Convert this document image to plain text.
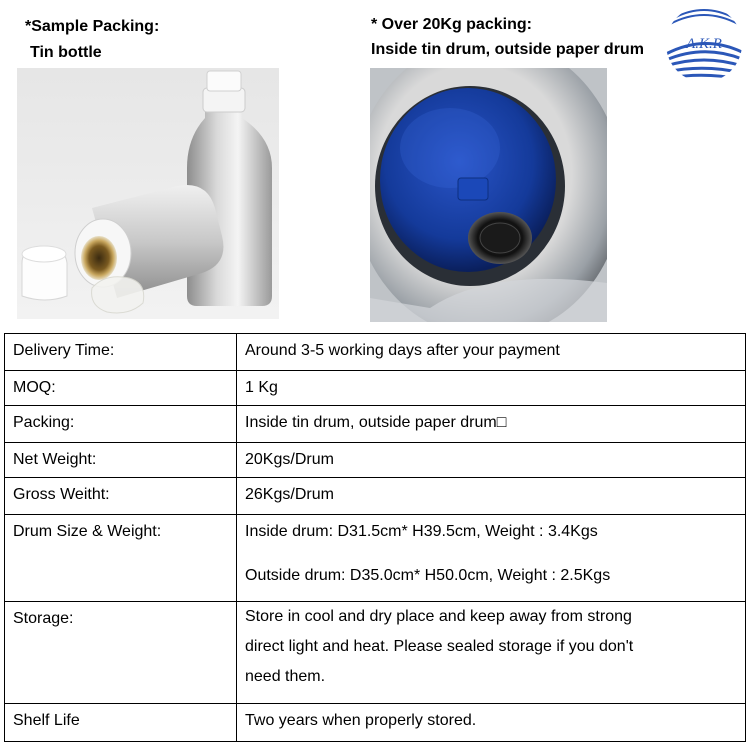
*Sample Packing:
Tin bottle
* Over 20Kg packing:
Inside tin drum, outside paper drum	A.K.R
Delivery Time:	Around 3-5 working days after your payment

MOQ:	1 Kg

Packing:	Inside tin drum, outside paper drum□

Net Weight:	20Kgs/Drum

Gross Weitht:	26Kgs/Drum

Drum Size & Weight:	Inside drum: D31.5cm* H39.5cm, Weight : 3.4Kgs
Outside drum: D35.0cm* H50.0cm, Weight : 2.5Kgs

Storage:	Store in cool and dry place and keep away from strong
direct light and heat. Please sealed storage if you don't
need them.

Shelf Life	Two years when properly stored.
